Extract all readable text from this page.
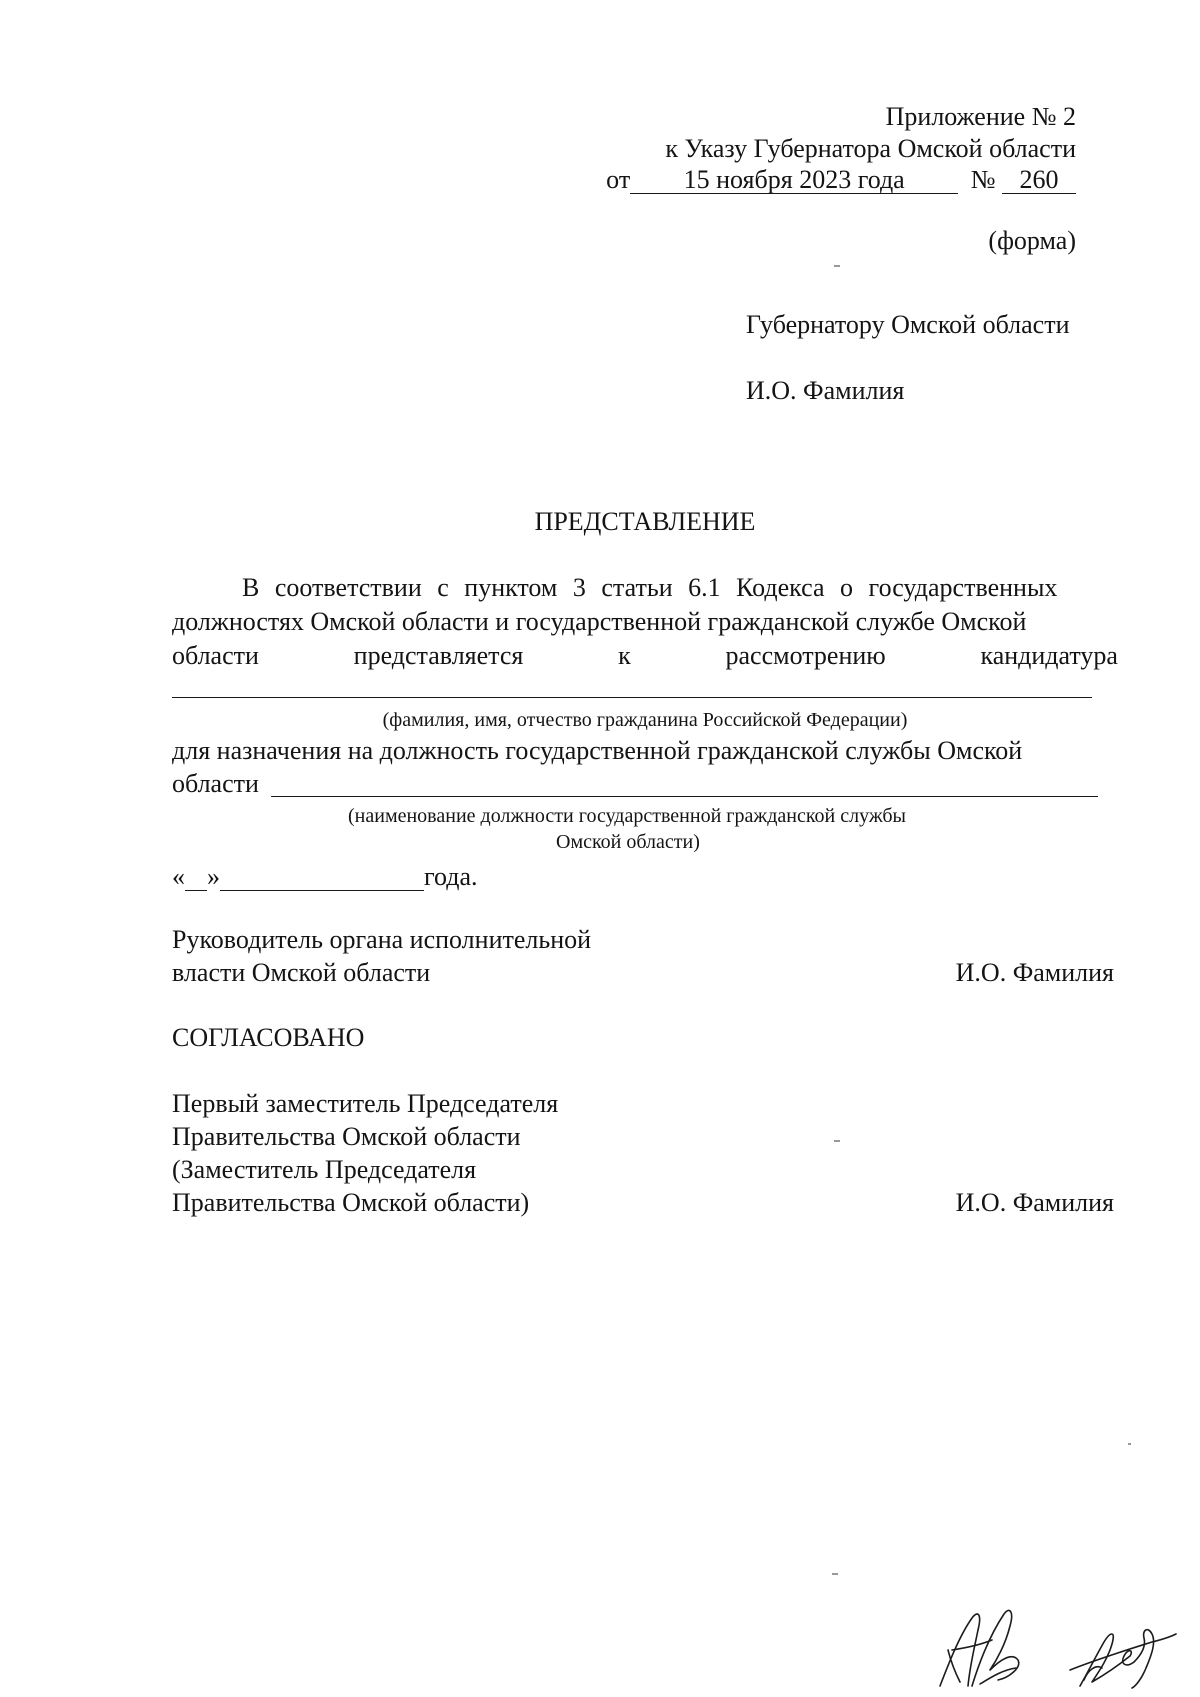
Приложение № 2
к Указу Губернатора Омской области
от 15 ноября 2023 года	№ 260
(форма)
Губернатору Омской области
И.О. Фамилия
ПРЕДСТАВЛЕНИЕ
В соответствии с пунктом 3 статьи 6.1 Кодекса о государственных
должностях Омской области и государственной гражданской службе Омской
области	представляется	к	рассмотрению	кандидатура
(фамилия, имя, отчество гражданина Российской Федерации)
для назначения на должность государственной гражданской службы Омской
области
(наименование должности государственной гражданской службы
Омской области)
« »	года.
Руководитель органа исполнительной
власти Омской области	И.О. Фамилия
СОГЛАСОВАНО
Первый заместитель Председателя
Правительства Омской области
(Заместитель Председателя
Правительства Омской области)	И.О. Фамилия
